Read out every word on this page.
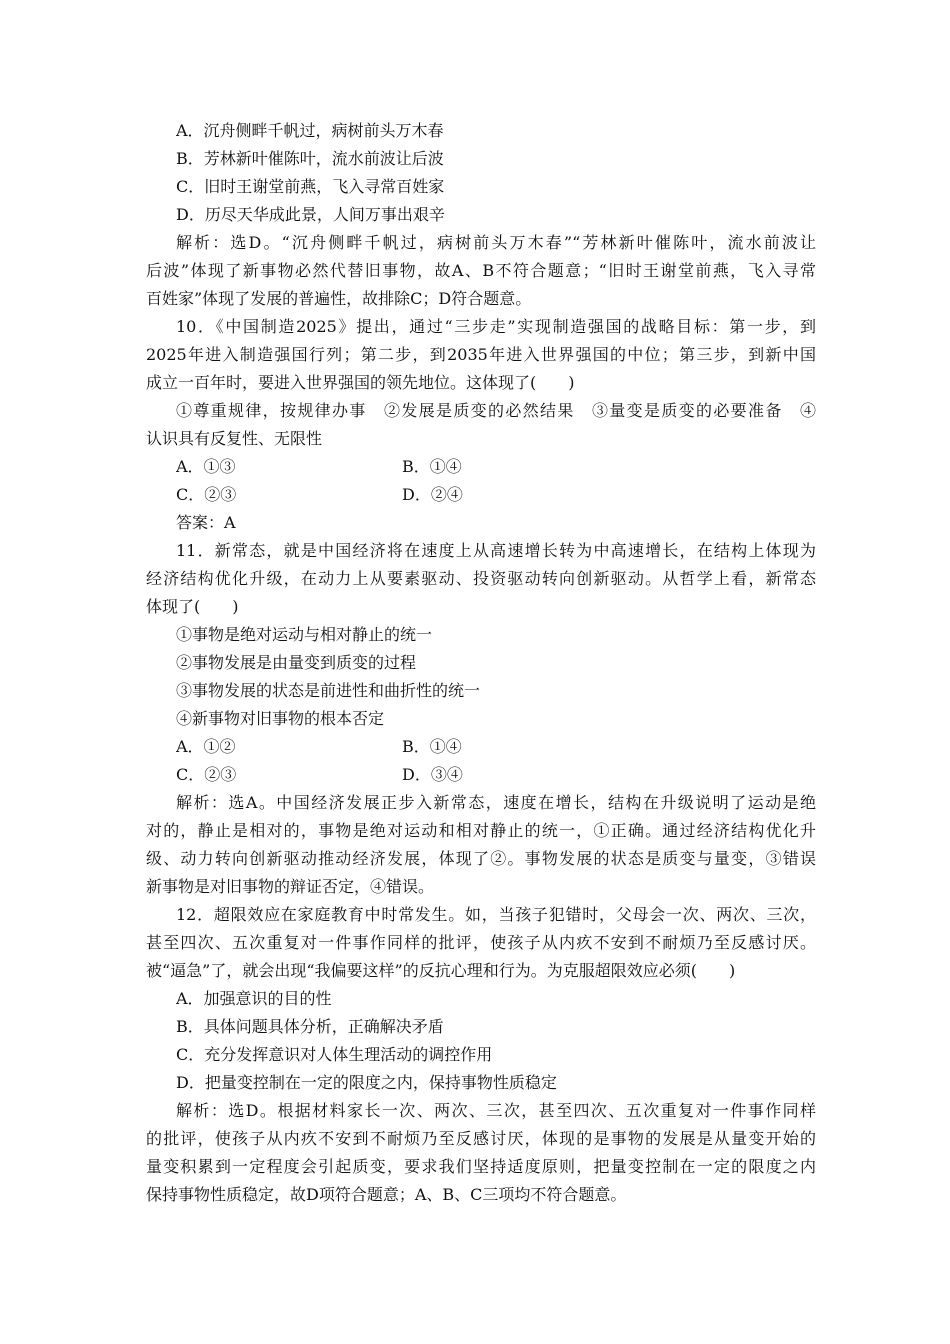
A．沉舟侧畔千帆过，病树前头万木春
B．芳林新叶催陈叶，流水前波让后波
C．旧时王谢堂前燕，飞入寻常百姓家
D．历尽天华成此景，人间万事出艰辛
解析：选D。“沉舟侧畔千帆过，病树前头万木春”“芳林新叶催陈叶，流水前波让
后波”体现了新事物必然代替旧事物，故A、B不符合题意；“旧时王谢堂前燕，飞入寻常
百姓家”体现了发展的普遍性，故排除C；D符合题意。
10．《中国制造2025》提出，通过“三步走”实现制造强国的战略目标：第一步，到
2025年进入制造强国行列；第二步，到2035年进入世界强国的中位；第三步，到新中国
成立一百年时，要进入世界强国的领先地位。这体现了(　　)
①尊重规律，按规律办事　②发展是质变的必然结果　③量变是质变的必要准备　④
认识具有反复性、无限性
A．①③	B．①④
C．②③	D．②④
答案：A
11．新常态，就是中国经济将在速度上从高速增长转为中高速增长，在结构上体现为
经济结构优化升级，在动力上从要素驱动、投资驱动转向创新驱动。从哲学上看，新常态
体现了(　　)
①事物是绝对运动与相对静止的统一
②事物发展是由量变到质变的过程
③事物发展的状态是前进性和曲折性的统一
④新事物对旧事物的根本否定
A．①②	B．①④
C．②③	D．③④
解析：选A。中国经济发展正步入新常态，速度在增长，结构在升级说明了运动是绝
对的，静止是相对的，事物是绝对运动和相对静止的统一，①正确。通过经济结构优化升
级、动力转向创新驱动推动经济发展，体现了②。事物发展的状态是质变与量变，③错误
新事物是对旧事物的辩证否定，④错误。
12．超限效应在家庭教育中时常发生。如，当孩子犯错时，父母会一次、两次、三次，
甚至四次、五次重复对一件事作同样的批评，使孩子从内疚不安到不耐烦乃至反感讨厌。
被“逼急”了，就会出现“我偏要这样”的反抗心理和行为。为克服超限效应必须(　　)
A．加强意识的目的性
B．具体问题具体分析，正确解决矛盾
C．充分发挥意识对人体生理活动的调控作用
D．把量变控制在一定的限度之内，保持事物性质稳定
解析：选D。根据材料家长一次、两次、三次，甚至四次、五次重复对一件事作同样
的批评，使孩子从内疚不安到不耐烦乃至反感讨厌，体现的是事物的发展是从量变开始的
量变积累到一定程度会引起质变，要求我们坚持适度原则，把量变控制在一定的限度之内
保持事物性质稳定，故D项符合题意；A、B、C三项均不符合题意。
